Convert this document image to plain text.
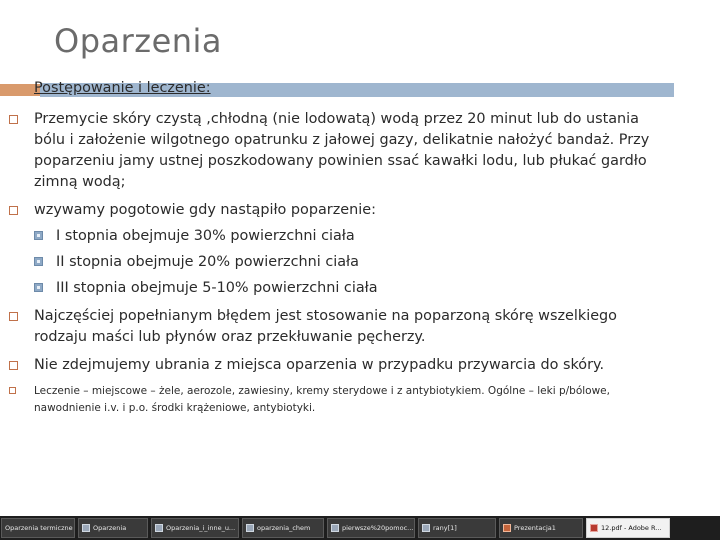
Oparzenia

Postępowanie i leczenie:

Przemycie skóry czystą ,chłodną (nie lodowatą) wodą przez 20 minut lub do ustania bólu i założenie wilgotnego opatrunku z jałowej gazy, delikatnie nałożyć bandaż. Przy poparzeniu jamy ustnej poszkodowany powinien ssać kawałki lodu, lub płukać gardło zimną wodą;

wzywamy pogotowie gdy nastąpiło poparzenie:

I stopnia obejmuje 30% powierzchni ciała

II stopnia obejmuje 20% powierzchni ciała

III stopnia obejmuje 5-10% powierzchni ciała

Najczęściej popełnianym błędem jest stosowanie na poparzoną skórę wszelkiego rodzaju maści lub płynów oraz przekłuwanie pęcherzy.

Nie zdejmujemy ubrania z miejsca oparzenia w przypadku przywarcia do skóry.

Leczenie – miejscowe – żele, aerozole, zawiesiny, kremy sterydowe i z antybiotykiem. Ogólne – leki p/bólowe, nawodnienie i.v. i p.o. środki krążeniowe, antybiotyki.

Oparzenia termiczne	Oparzenia	Oparzenia_i_inne_u...	oparzenia_chem	pierwsze%20pomoc...	rany[1]	Prezentacja1	12.pdf - Adobe R...
